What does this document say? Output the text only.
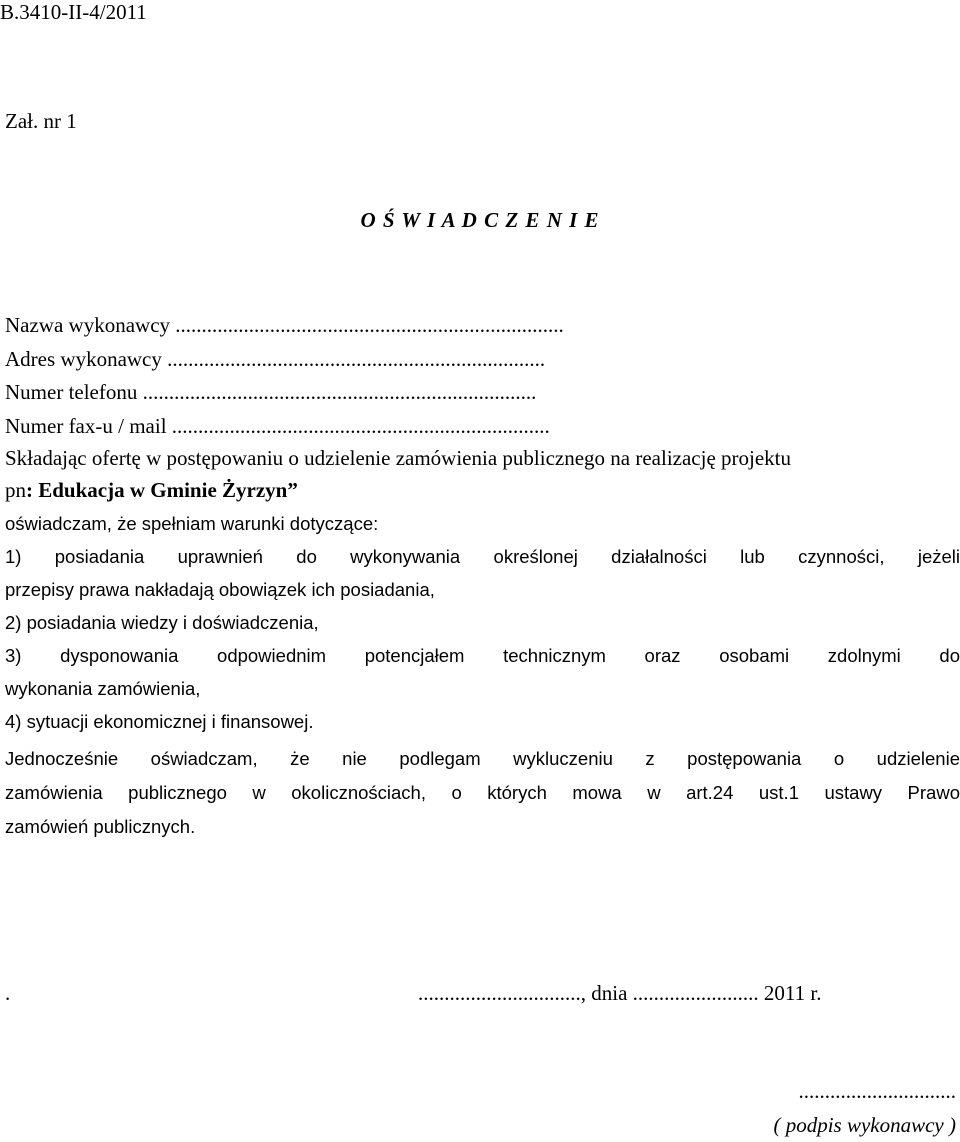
B.3410-II-4/2011
Zał. nr 1
O Ś W I A D C Z E N I E
Nazwa wykonawcy ..........................................................................
Adres wykonawcy ........................................................................
Numer telefonu ...........................................................................
Numer fax-u / mail ........................................................................
Składając ofertę w postępowaniu o udzielenie zamówienia publicznego na realizację projektu
pn: Edukacja w Gminie Żyrzyn”
oświadczam, że spełniam warunki dotyczące:
1) posiadania uprawnień do wykonywania określonej działalności lub czynności, jeżeli
przepisy prawa nakładają obowiązek ich posiadania,
2) posiadania wiedzy i doświadczenia,
3) dysponowania odpowiednim potencjałem technicznym oraz osobami zdolnymi do
wykonania zamówienia,
4) sytuacji ekonomicznej i finansowej.
Jednocześnie oświadczam, że nie podlegam wykluczeniu z postępowania o udzielenie
zamówienia publicznego w okolicznościach, o których mowa w art.24 ust.1 ustawy Prawo
zamówień publicznych.
.	..............................., dnia ........................ 2011 r.
..............................
( podpis wykonawcy )
